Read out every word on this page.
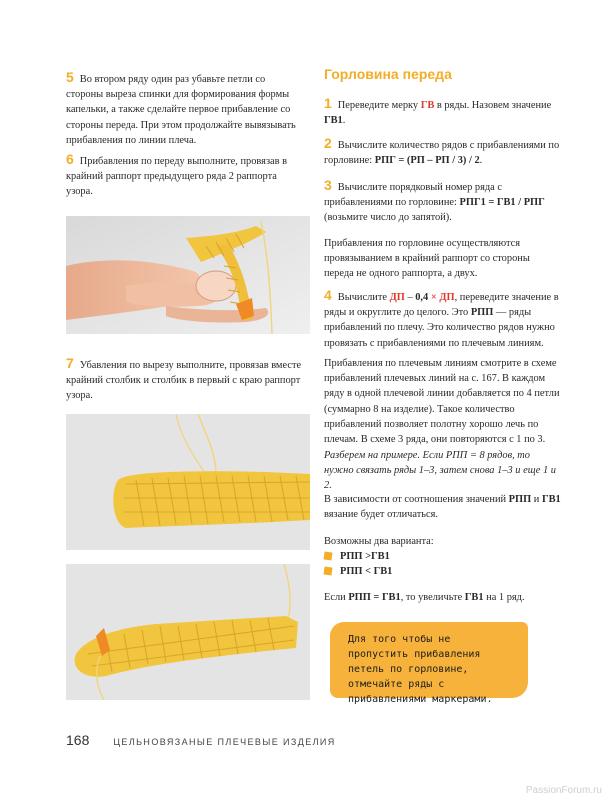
5 Во втором ряду один раз убавьте петли со стороны выреза спинки для формирования формы капельки, а также сделайте первое прибавление со стороны переда. При этом продолжайте вывязывать прибавления по линии плеча.

6 Прибавления по переду выполните, провязав в крайний раппорт предыдущего ряда 2 раппорта узора.

7 Убавления по вырезу выполните, провязав вместе крайний столбик и столбик в первый с краю раппорт узора.

Горловина переда

1 Переведите мерку ГВ в ряды. Назовем значение ГВ1.

2 Вычислите количество рядов с прибавлениями по горловине: РПГ = (РП – РП / 3) / 2.

3 Вычислите порядковый номер ряда с прибавлениями по горловине: РПГ1 = ГВ1 / РПГ (возьмите число до запятой).

Прибавления по горловине осуществляются провязыванием в крайний раппорт со стороны переда не одного раппорта, а двух.

4 Вычислите ДП – 0,4 × ДП, переведите значение в ряды и округлите до целого. Это РПП — ряды прибавлений по плечу. Это количество рядов нужно провязать с прибавлениями по плечевым линиям.

Прибавления по плечевым линиям смотрите в схеме прибавлений плечевых линий на с. 167. В каждом ряду в одной плечевой линии добавляется по 4 петли (суммарно 8 на изделие). Такое количество прибавлений позволяет полотну хорошо лечь по плечам. В схеме 3 ряда, они повторяются с 1 по 3.

Разберем на примере. Если РПП = 8 рядов, то нужно связать ряды 1–3, затем снова 1–3 и еще 1 и 2.

В зависимости от соотношения значений РПП и ГВ1 вязание будет отличаться.

Возможны два варианта:

РПП >ГВ1

РПП < ГВ1

Если РПП = ГВ1, то увеличьте ГВ1 на 1 ряд.

Для того чтобы не пропустить прибавления петель по горловине, отмечайте ряды с прибавлениями маркерами.
168	ЦЕЛЬНОВЯЗАНЫЕ ПЛЕЧЕВЫЕ ИЗДЕЛИЯ
PassionForum.ru
